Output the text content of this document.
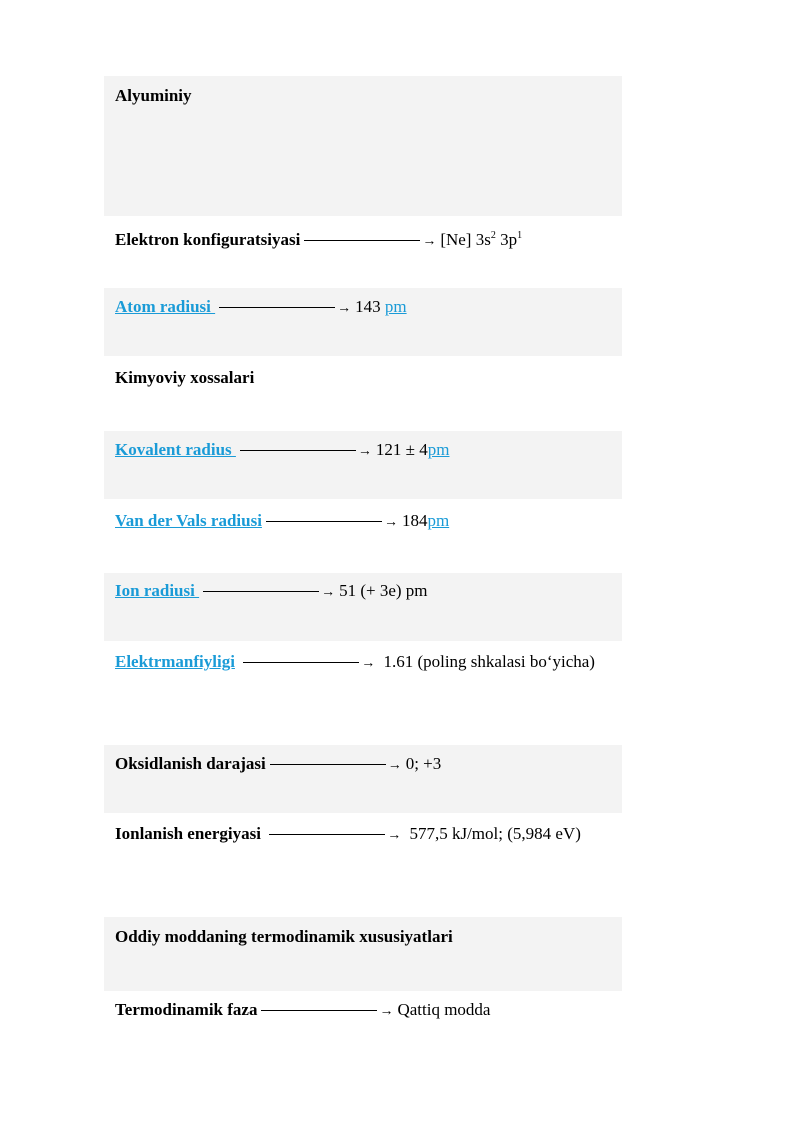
Alyuminiy
Elektron konfiguratsiyasi	→ [Ne] $3s^2$ $3p^1$
Atom radiusi	→ 143 pm
Kimyoviy xossalari
Kovalent radius	→ 121 ± 4pm
Van der Vals radiusi	→ 184pm
Ion radiusi	→ 51 (+ 3e) pm
Elektrmanfiyligi	→ 1.61 (poling shkalasi bo‘yicha)
Oksidlanish darajasi	→ 0; +3
Ionlanish energiyasi	→ 577,5 kJ/mol; (5,984 eV)
Oddiy moddaning termodinamik xususiyatlari
Termodinamik faza	→ Qattiq modda
